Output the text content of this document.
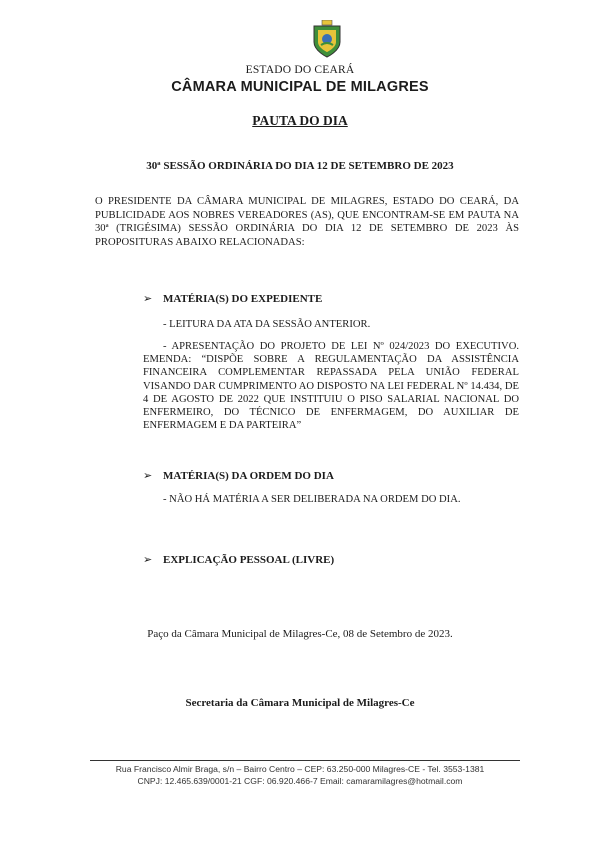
ESTADO DO CEARÁ
CÂMARA MUNICIPAL DE MILAGRES
PAUTA DO DIA
30ª SESSÃO ORDINÁRIA DO DIA 12 DE SETEMBRO DE 2023
O PRESIDENTE DA CÂMARA MUNICIPAL DE MILAGRES, ESTADO DO CEARÁ, DA PUBLICIDADE AOS NOBRES VEREADORES (AS), QUE ENCONTRAM-SE EM PAUTA NA 30ª (TRIGÉSIMA) SESSÃO ORDINÁRIA DO DIA 12 DE SETEMBRO DE 2023 ÀS PROPOSITURAS ABAIXO RELACIONADAS:
➢ MATÉRIA(S) DO EXPEDIENTE
- LEITURA DA ATA DA SESSÃO ANTERIOR.
- APRESENTAÇÃO DO PROJETO DE LEI Nº 024/2023 DO EXECUTIVO. EMENDA: “DISPÕE SOBRE A REGULAMENTAÇÃO DA ASSISTÊNCIA FINANCEIRA COMPLEMENTAR REPASSADA PELA UNIÃO FEDERAL VISANDO DAR CUMPRIMENTO AO DISPOSTO NA LEI FEDERAL Nº 14.434, DE 4 DE AGOSTO DE 2022 QUE INSTITUIU O PISO SALARIAL NACIONAL DO ENFERMEIRO, DO TÉCNICO DE ENFERMAGEM, DO AUXILIAR DE ENFERMAGEM E DA PARTEIRA”
➢ MATÉRIA(S) DA ORDEM DO DIA
- NÃO HÁ MATÉRIA A SER DELIBERADA NA ORDEM DO DIA.
➢ EXPLICAÇÃO PESSOAL (LIVRE)
Paço da Câmara Municipal de Milagres-Ce, 08 de Setembro de 2023.
Secretaria da Câmara Municipal de Milagres-Ce
Rua Francisco Almir Braga, s/n – Bairro Centro – CEP: 63.250-000 Milagres-CE - Tel. 3553-1381
CNPJ: 12.465.639/0001-21 CGF: 06.920.466-7 Email: camaramilagres@hotmail.com
